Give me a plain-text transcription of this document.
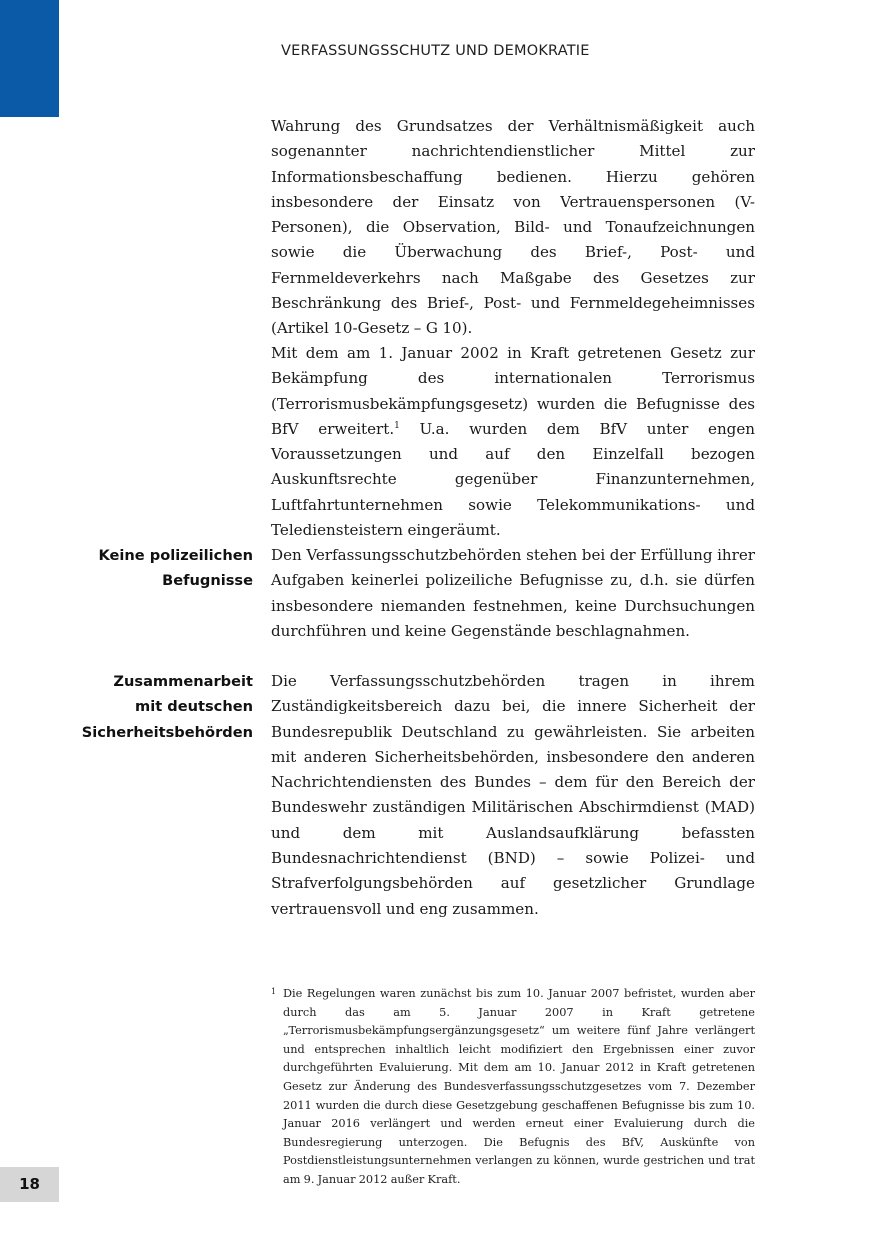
VERFASSUNGSSCHUTZ UND DEMOKRATIE

Wahrung des Grundsatzes der Verhältnismäßigkeit auch sogenannter nachrichtendienstlicher Mittel zur Informationsbeschaffung bedienen. Hierzu gehören insbesondere der Einsatz von Vertrauenspersonen (V-Personen), die Observation, Bild- und Tonaufzeichnungen sowie die Überwachung des Brief-, Post- und Fernmeldeverkehrs nach Maßgabe des Gesetzes zur Beschränkung des Brief-, Post- und Fernmeldegeheimnisses (Artikel 10-Gesetz – G 10).

Mit dem am 1. Januar 2002 in Kraft getretenen Gesetz zur Bekämpfung des internationalen Terrorismus (Terrorismusbekämpfungsgesetz) wurden die Befugnisse des BfV erweitert.$^1$ U.a. wurden dem BfV unter engen Voraussetzungen und auf den Einzelfall bezogen Auskunftsrechte gegenüber Finanzunternehmen, Luftfahrtunternehmen sowie Telekommunikations- und Telediensteistern eingeräumt.

Keine polizeilichen
Befugnisse

Den Verfassungsschutzbehörden stehen bei der Erfüllung ihrer Aufgaben keinerlei polizeiliche Befugnisse zu, d.h. sie dürfen insbesondere niemanden festnehmen, keine Durchsuchungen durchführen und keine Gegenstände beschlagnahmen.

Zusammenarbeit
mit deutschen
Sicherheitsbehörden

Die Verfassungsschutzbehörden tragen in ihrem Zuständigkeitsbereich dazu bei, die innere Sicherheit der Bundesrepublik Deutschland zu gewährleisten. Sie arbeiten mit anderen Sicherheitsbehörden, insbesondere den anderen Nachrichtendiensten des Bundes – dem für den Bereich der Bundeswehr zuständigen Militärischen Abschirmdienst (MAD) und dem mit Auslandsaufklärung befassten Bundesnachrichtendienst (BND) – sowie Polizei- und Strafverfolgungsbehörden auf gesetzlicher Grundlage vertrauensvoll und eng zusammen.

1 Die Regelungen waren zunächst bis zum 10. Januar 2007 befristet, wurden aber durch das am 5. Januar 2007 in Kraft getretene „Terrorismusbekämpfungsergänzungsgesetz“ um weitere fünf Jahre verlängert und entsprechen inhaltlich leicht modifiziert den Ergebnissen einer zuvor durchgeführten Evaluierung. Mit dem am 10. Januar 2012 in Kraft getretenen Gesetz zur Änderung des Bundesverfassungsschutzgesetzes vom 7. Dezember 2011 wurden die durch diese Gesetzgebung geschaffenen Befugnisse bis zum 10. Januar 2016 verlängert und werden erneut einer Evaluierung durch die Bundesregierung unterzogen. Die Befugnis des BfV, Auskünfte von Postdienstleistungsunternehmen verlangen zu können, wurde gestrichen und trat am 9. Januar 2012 außer Kraft.
18
